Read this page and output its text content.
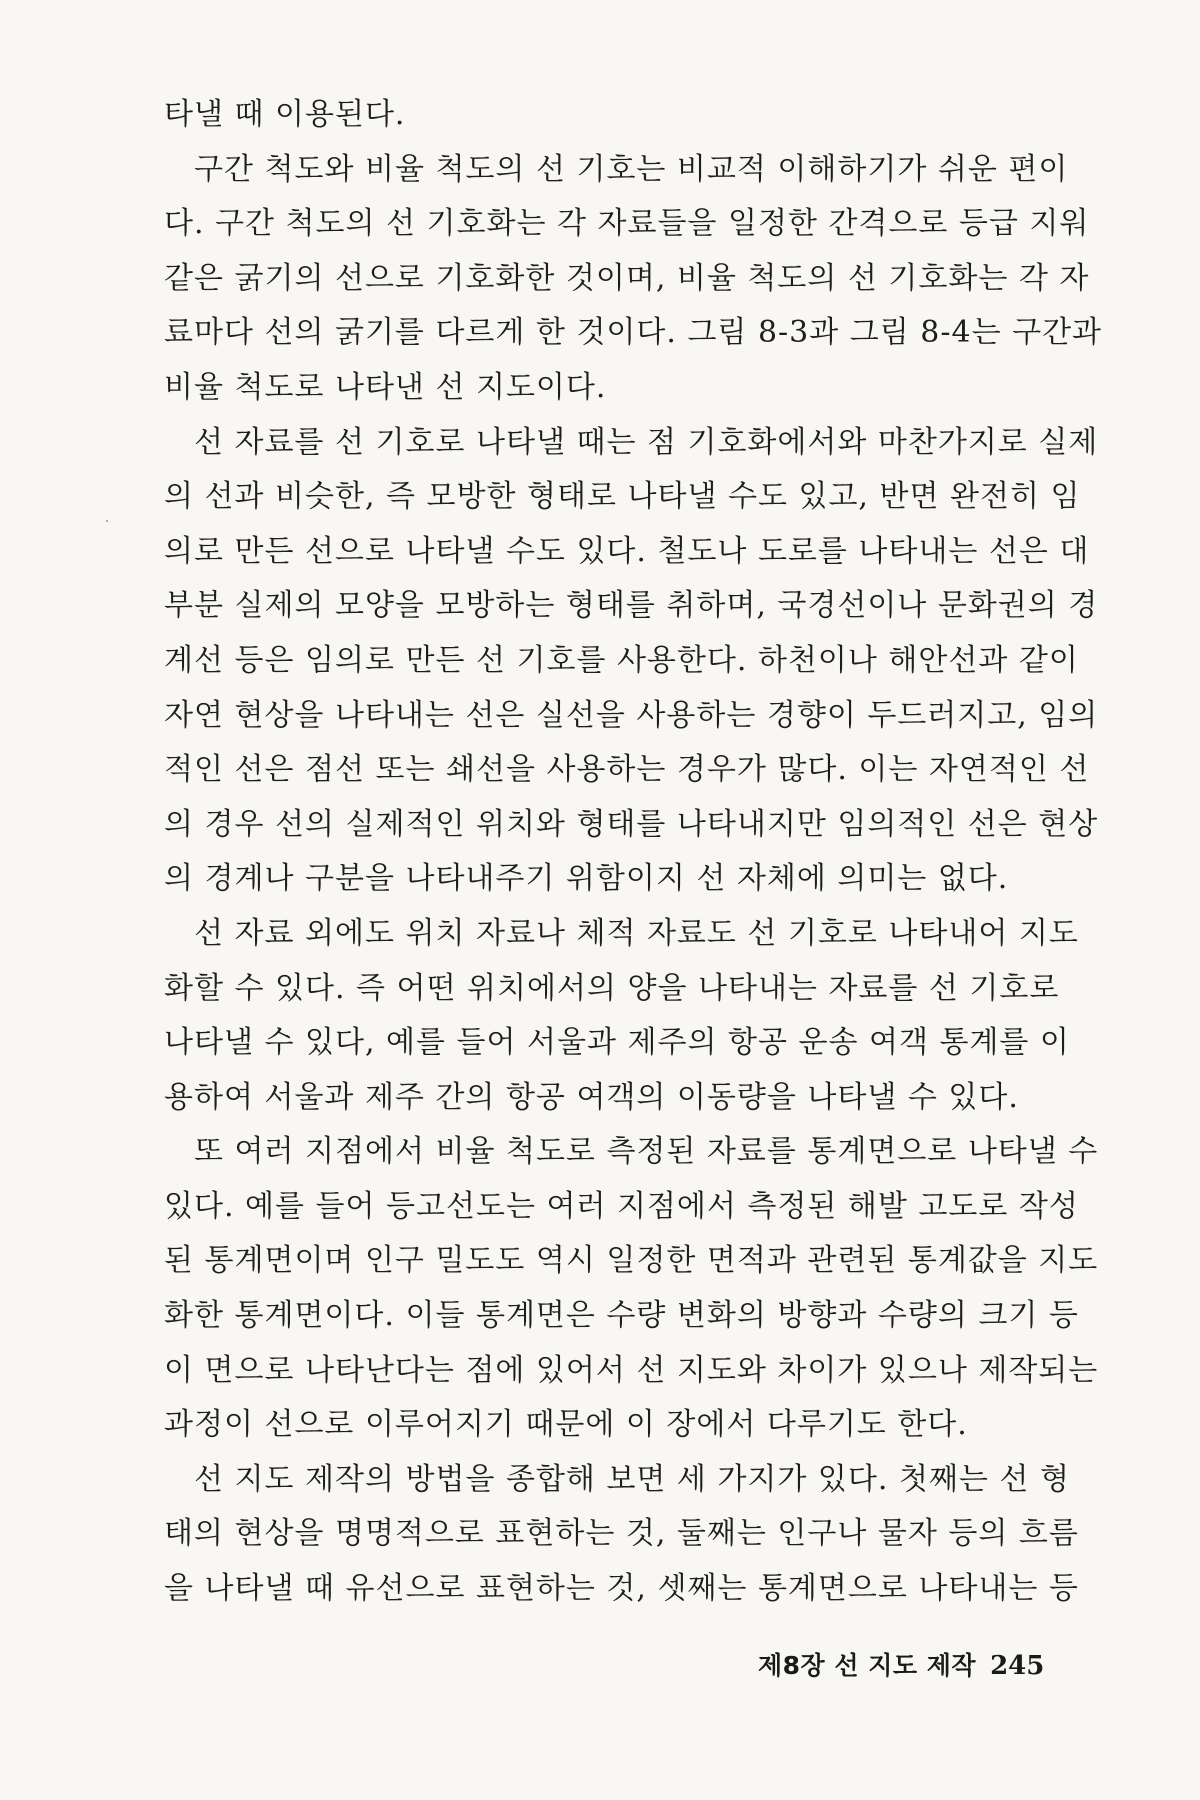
타낼 때 이용된다.
구간 척도와 비율 척도의 선 기호는 비교적 이해하기가 쉬운 편이
다. 구간 척도의 선 기호화는 각 자료들을 일정한 간격으로 등급 지워
같은 굵기의 선으로 기호화한 것이며, 비율 척도의 선 기호화는 각 자
료마다 선의 굵기를 다르게 한 것이다. 그림 8-3과 그림 8-4는 구간과
비율 척도로 나타낸 선 지도이다.
선 자료를 선 기호로 나타낼 때는 점 기호화에서와 마찬가지로 실제
의 선과 비슷한, 즉 모방한 형태로 나타낼 수도 있고, 반면 완전히 임
의로 만든 선으로 나타낼 수도 있다. 철도나 도로를 나타내는 선은 대
부분 실제의 모양을 모방하는 형태를 취하며, 국경선이나 문화권의 경
계선 등은 임의로 만든 선 기호를 사용한다. 하천이나 해안선과 같이
자연 현상을 나타내는 선은 실선을 사용하는 경향이 두드러지고, 임의
적인 선은 점선 또는 쇄선을 사용하는 경우가 많다. 이는 자연적인 선
의 경우 선의 실제적인 위치와 형태를 나타내지만 임의적인 선은 현상
의 경계나 구분을 나타내주기 위함이지 선 자체에 의미는 없다.
선 자료 외에도 위치 자료나 체적 자료도 선 기호로 나타내어 지도
화할 수 있다. 즉 어떤 위치에서의 양을 나타내는 자료를 선 기호로
나타낼 수 있다, 예를 들어 서울과 제주의 항공 운송 여객 통계를 이
용하여 서울과 제주 간의 항공 여객의 이동량을 나타낼 수 있다.
또 여러 지점에서 비율 척도로 측정된 자료를 통계면으로 나타낼 수
있다. 예를 들어 등고선도는 여러 지점에서 측정된 해발 고도로 작성
된 통계면이며 인구 밀도도 역시 일정한 면적과 관련된 통계값을 지도
화한 통계면이다. 이들 통계면은 수량 변화의 방향과 수량의 크기 등
이 면으로 나타난다는 점에 있어서 선 지도와 차이가 있으나 제작되는
과정이 선으로 이루어지기 때문에 이 장에서 다루기도 한다.
선 지도 제작의 방법을 종합해 보면 세 가지가 있다. 첫째는 선 형
태의 현상을 명명적으로 표현하는 것, 둘째는 인구나 물자 등의 흐름
을 나타낼 때 유선으로 표현하는 것, 셋째는 통계면으로 나타내는 등
제8장 선 지도 제작 245
